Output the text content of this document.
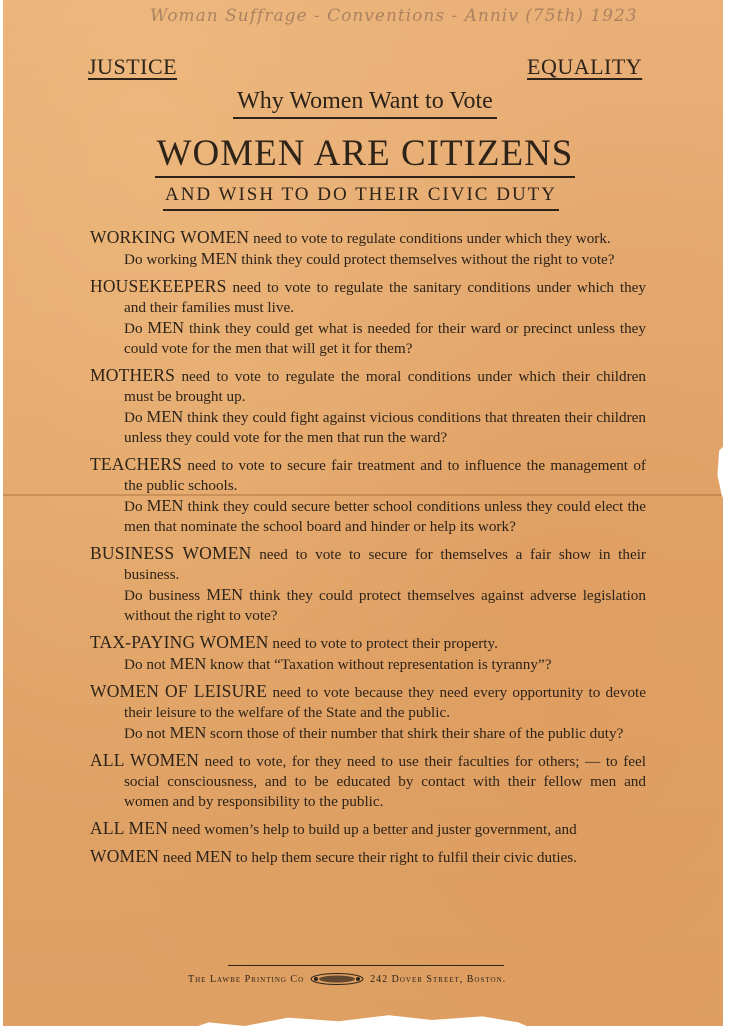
Woman Suffrage - Conventions - Anniv (75th) 1923
JUSTICE	EQUALITY
Why Women Want to Vote
WOMEN ARE CITIZENS
AND WISH TO DO THEIR CIVIC DUTY
WORKING WOMEN need to vote to regulate conditions under which they work.
Do working MEN think they could protect themselves without the right to vote?
HOUSEKEEPERS need to vote to regulate the sanitary conditions under which they and their families must live.
Do MEN think they could get what is needed for their ward or precinct unless they could vote for the men that will get it for them?
MOTHERS need to vote to regulate the moral conditions under which their children must be brought up.
Do MEN think they could fight against vicious conditions that threaten their children unless they could vote for the men that run the ward?
TEACHERS need to vote to secure fair treatment and to influence the management of the public schools.
Do MEN think they could secure better school conditions unless they could elect the men that nominate the school board and hinder or help its work?
BUSINESS WOMEN need to vote to secure for themselves a fair show in their business.
Do business MEN think they could protect themselves against adverse legislation without the right to vote?
TAX-PAYING WOMEN need to vote to protect their property.
Do not MEN know that “Taxation without representation is tyranny”?
WOMEN OF LEISURE need to vote because they need every opportunity to devote their leisure to the welfare of the State and the public.
Do not MEN scorn those of their number that shirk their share of the public duty?
ALL WOMEN need to vote, for they need to use their faculties for others; — to feel social consciousness, and to be educated by contact with their fellow men and women and by responsibility to the public.
ALL MEN need women’s help to build up a better and juster government, and
WOMEN need MEN to help them secure their right to fulfil their civic duties.
The Lawbe Printing Co	242 Dover Street, Boston.
